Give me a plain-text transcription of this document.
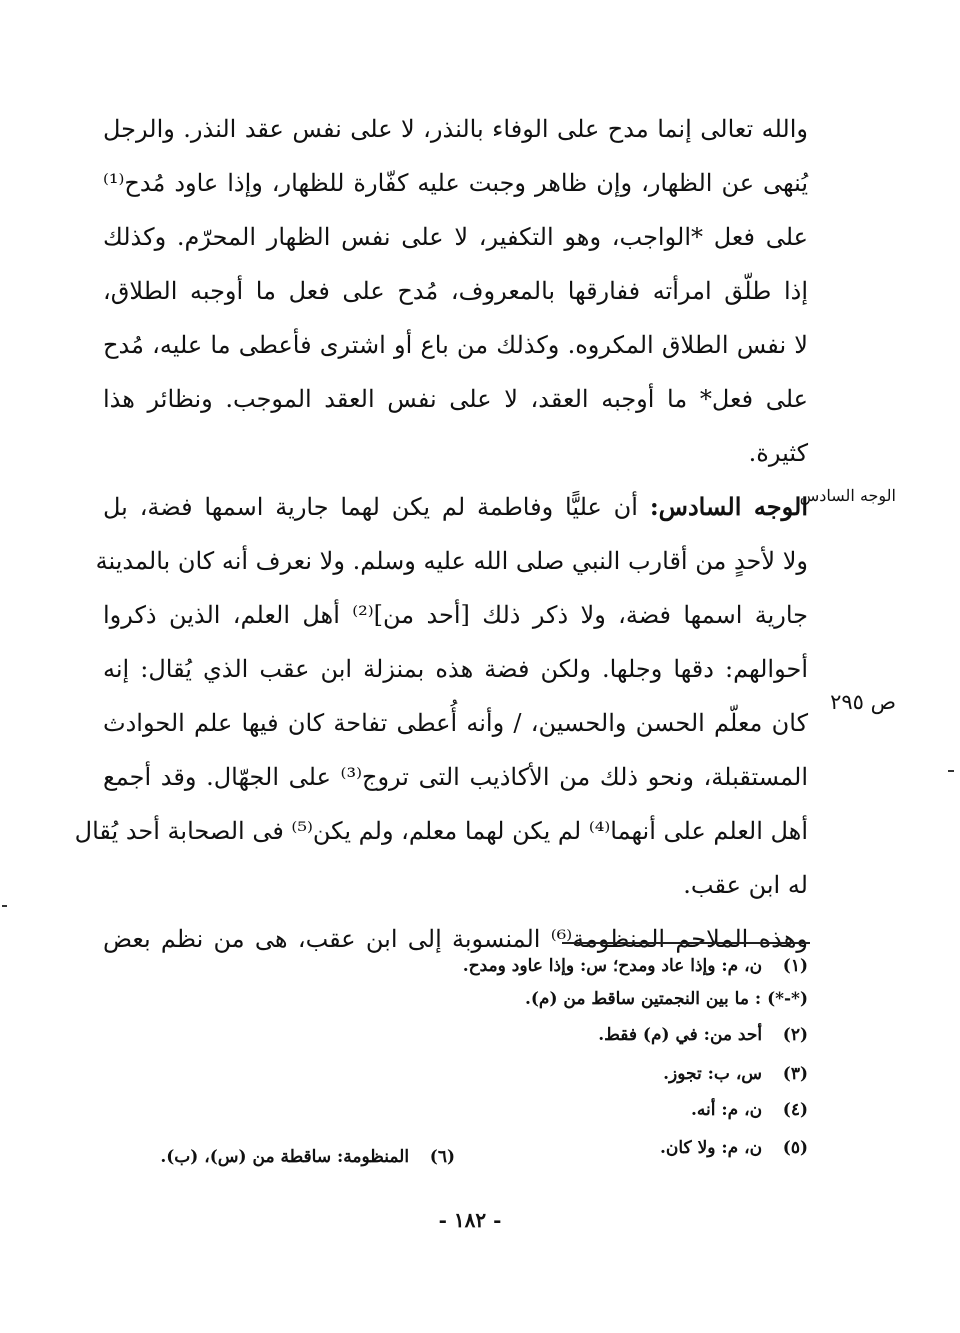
والله تعالى إنما مدح على الوفاء بالنذر، لا على نفس عقد النذر. والرجل
يُنهى عن الظهار، وإن ظاهر وجبت عليه كفّارة للظهار، وإذا عاود مُدح⁽¹⁾
على فعل *الواجب، وهو التكفير، لا على نفس الظهار المحرّم. وكذلك
إذا طلّق امرأته ففارقها بالمعروف، مُدح على فعل ما أوجبه الطلاق،
لا نفس الطلاق المكروه. وكذلك من باع أو اشترى فأعطى ما عليه، مُدح
على فعل* ما أوجبه العقد، لا على نفس العقد الموجب. ونظائر هذا
كثيرة.
الوجه السادس: أن عليًّا وفاطمة لم يكن لهما جارية اسمها فضة، بل
ولا لأحدٍ من أقارب النبي صلى الله عليه وسلم. ولا نعرف أنه كان بالمدينة
جارية اسمها فضة، ولا ذكر ذلك [أحد من]⁽²⁾ أهل العلم، الذين ذكروا
أحوالهم: دقها وجلها. ولكن فضة هذه بمنزلة ابن عقب الذي يُقال: إنه
كان معلّم الحسن والحسين، / وأنه أُعطى تفاحة كان فيها علم الحوادث
المستقبلة، ونحو ذلك من الأكاذيب التى تروج⁽³⁾ على الجهّال. وقد أجمع
أهل العلم على أنهما⁽⁴⁾ لم يكن لهما معلم، ولم يكن⁽⁵⁾ فى الصحابة أحد يُقال
له ابن عقب.
وهذه الملاحم المنظومة⁽⁶⁾ المنسوبة إلى ابن عقب، هى من نظم بعض
الوجه السادس
ص ٢٩٥
(١) ن، م: وإذا عاد ومدح؛ س: وإذا عاود ومدح.
(*-*) : ما بين النجمتين ساقط من (م).
(٢) أحد من: في (م) فقط.
(٣) س، ب: تجوز.
(٤) ن، م: أنه.
(٥) ن، م: ولا كان.
(٦) المنظومة: ساقطة من (س)، (ب).
- ١٨٢ -
